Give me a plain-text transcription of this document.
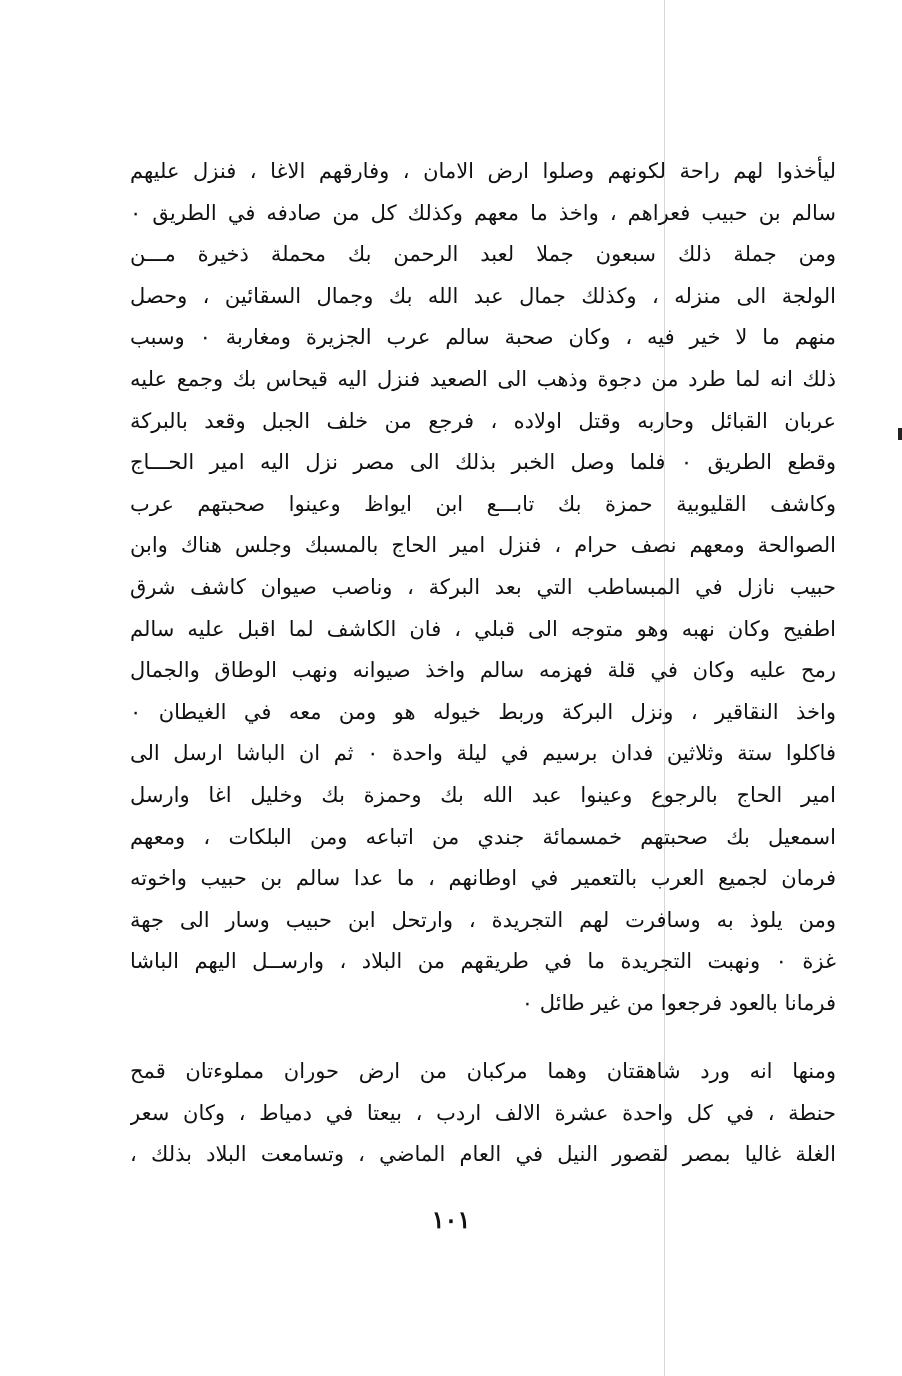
ليأخذوا لهم راحة لكونهم وصلوا ارض الامان ، وفارقهم الاغا ، فنزل عليهم
سالم بن حبيب فعراهم ، واخذ ما معهم وكذلك كل من صادفه في الطريق ٠
ومن جملة ذلك سبعون جملا لعبد الرحمن بك محملة ذخيرة مـــن
الولجة الى منزله ، وكذلك جمال عبد الله بك وجمال السقائين ، وحصل
منهم ما لا خير فيه ، وكان صحبة سالم عرب الجزيرة ومغاربة ٠ وسبب
ذلك انه لما طرد من دجوة وذهب الى الصعيد فنزل اليه قيحاس بك وجمع عليه
عربان القبائل وحاربه وقتل اولاده ، فرجع من خلف الجبل وقعد بالبركة
وقطع الطريق ٠ فلما وصل الخبر بذلك الى مصر نزل اليه امير الحـــاج
وكاشف القليوبية حمزة بك تابـــع ابن ايواظ وعينوا صحبتهم عرب
الصوالحة ومعهم نصف حرام ، فنزل امير الحاج بالمسبك وجلس هناك وابن
حبيب نازل في المبساطب التي بعد البركة ، وناصب صيوان كاشف شرق
اطفيح وكان نهبه وهو متوجه الى قبلي ، فان الكاشف لما اقبل عليه سالم
رمح عليه وكان في قلة فهزمه سالم واخذ صيوانه ونهب الوطاق والجمال
واخذ النقاقير ، ونزل البركة وربط خيوله هو ومن معه في الغيطان ٠
فاكلوا ستة وثلاثين فدان برسيم في ليلة واحدة ٠ ثم ان الباشا ارسل الى
امير الحاج بالرجوع وعينوا عبد الله بك وحمزة بك وخليل اغا وارسل
اسمعيل بك صحبتهم خمسمائة جندي من اتباعه ومن البلكات ، ومعهم
فرمان لجميع العرب بالتعمير في اوطانهم ، ما عدا سالم بن حبيب واخوته
ومن يلوذ به وسافرت لهم التجريدة ، وارتحل ابن حبيب وسار الى جهة
غزة ٠ ونهبت التجريدة ما في طريقهم من البلاد ، وارســل اليهم الباشا
فرمانا بالعود فرجعوا من غير طائل ٠
ومنها انه ورد شاهقتان وهما مركبان من ارض حوران مملوءتان قمح
حنطة ، في كل واحدة عشرة الالف اردب ، بيعتا في دمياط ، وكان سعر
الغلة غاليا بمصر لقصور النيل في العام الماضي ، وتسامعت البلاد بذلك ،
١٠١
